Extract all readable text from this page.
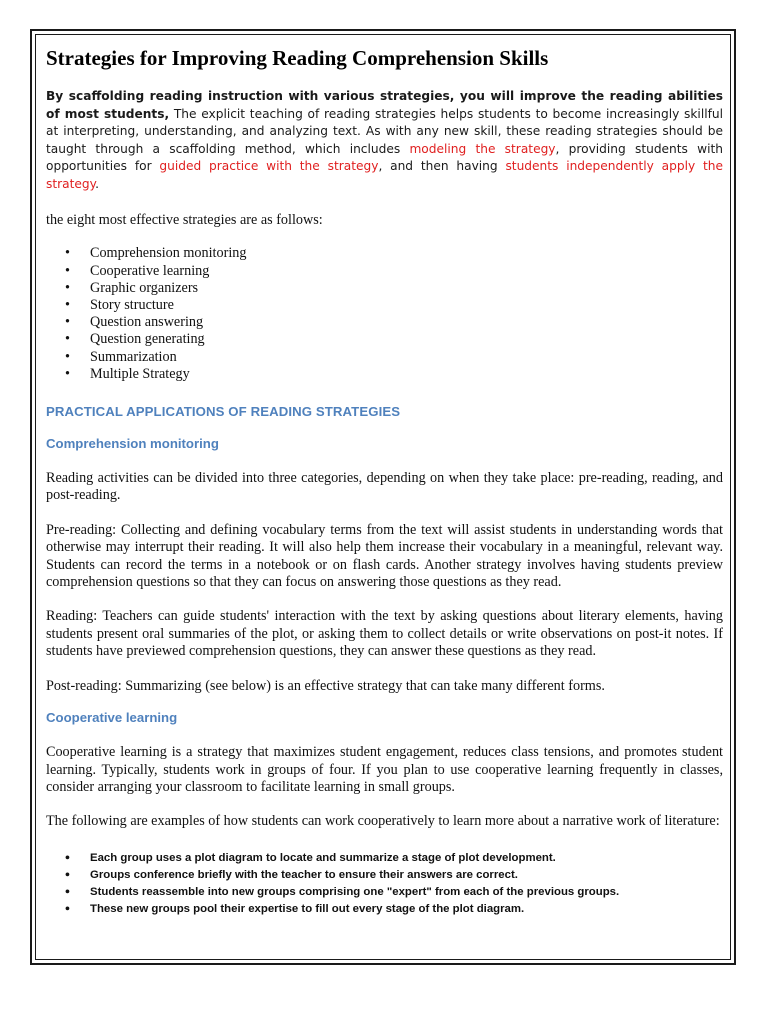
Strategies for Improving Reading Comprehension Skills
By scaffolding reading instruction with various strategies, you will improve the reading abilities of most students, The explicit teaching of reading strategies helps students to become increasingly skillful at interpreting, understanding, and analyzing text. As with any new skill, these reading strategies should be taught through a scaffolding method, which includes modeling the strategy, providing students with opportunities for guided practice with the strategy, and then having students independently apply the strategy.

the eight most effective strategies are as follows:

• Comprehension monitoring
• Cooperative learning
• Graphic organizers
• Story structure
• Question answering
• Question generating
• Summarization
• Multiple Strategy
PRACTICAL APPLICATIONS OF READING STRATEGIES
Comprehension monitoring

Reading activities can be divided into three categories, depending on when they take place: pre-reading, reading, and post-reading.

Pre-reading: Collecting and defining vocabulary terms from the text will assist students in understanding words that otherwise may interrupt their reading. It will also help them increase their vocabulary in a meaningful, relevant way. Students can record the terms in a notebook or on flash cards. Another strategy involves having students preview comprehension questions so that they can focus on answering those questions as they read.

Reading: Teachers can guide students' interaction with the text by asking questions about literary elements, having students present oral summaries of the plot, or asking them to collect details or write observations on post-it notes. If students have previewed comprehension questions, they can answer these questions as they read.

Post-reading: Summarizing (see below) is an effective strategy that can take many different forms.

Cooperative learning

Cooperative learning is a strategy that maximizes student engagement, reduces class tensions, and promotes student learning. Typically, students work in groups of four. If you plan to use cooperative learning frequently in classes, consider arranging your classroom to facilitate learning in small groups.

The following are examples of how students can work cooperatively to learn more about a narrative work of literature:

• Each group uses a plot diagram to locate and summarize a stage of plot development.
• Groups conference briefly with the teacher to ensure their answers are correct.
• Students reassemble into new groups comprising one "expert" from each of the previous groups.
• These new groups pool their expertise to fill out every stage of the plot diagram.
